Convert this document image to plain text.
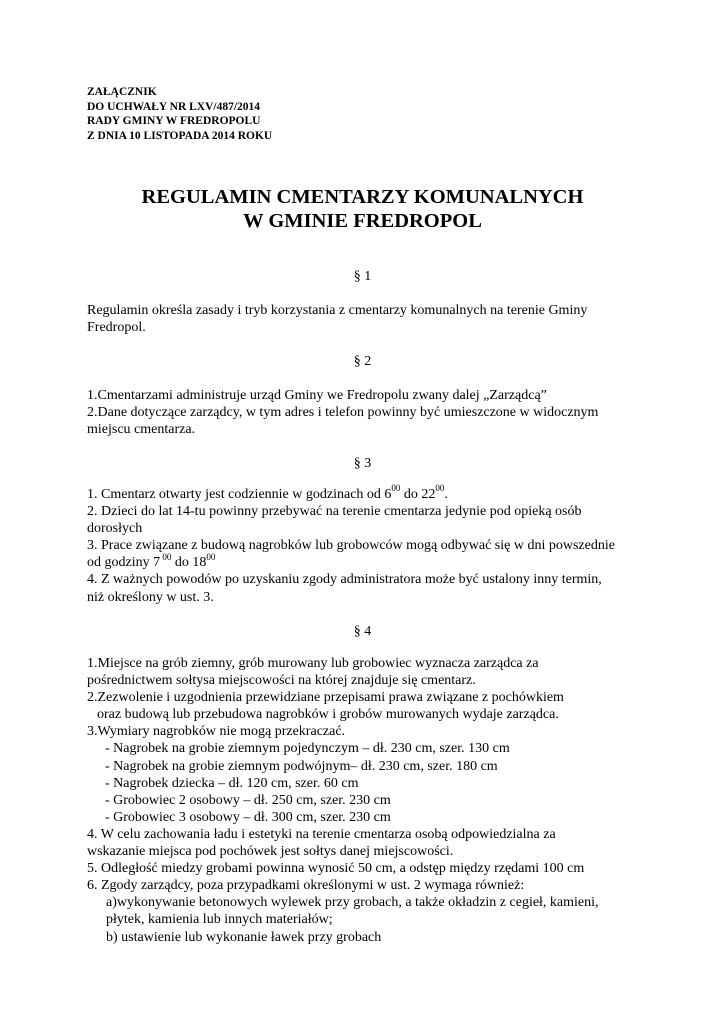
ZAŁĄCZNIK
DO UCHWAŁY NR LXV/487/2014
RADY GMINY W FREDROPOLU
Z DNIA 10 LISTOPADA 2014 ROKU
REGULAMIN CMENTARZY KOMUNALNYCH
W GMINIE FREDROPOL
§ 1
Regulamin określa zasady i tryb korzystania z cmentarzy komunalnych na terenie Gminy
Fredropol.
§ 2
1.Cmentarzami administruje urząd Gminy we Fredropolu zwany dalej „Zarządcą”
2.Dane dotyczące zarządcy, w tym adres i telefon powinny być umieszczone w widocznym
miejscu cmentarza.
§ 3
1. Cmentarz otwarty jest codziennie w godzinach od $6^{00}$ do $22^{00}$.
2. Dzieci do lat 14-tu powinny przebywać na terenie cmentarza jedynie pod opieką osób
dorosłych
3. Prace związane z budową nagrobków lub grobowców mogą odbywać się w dni powszednie
od godziny 7 $^{00}$ do $18^{00}$
4. Z ważnych powodów po uzyskaniu zgody administratora może być ustalony inny termin,
niż określony w ust. 3.
§ 4
1.Miejsce na grób ziemny, grób murowany lub grobowiec wyznacza zarządca za
pośrednictwem sołtysa miejscowości na której znajduje się cmentarz.
2.Zezwolenie i uzgodnienia przewidziane przepisami prawa związane z pochówkiem
oraz budową lub przebudowa nagrobków i grobów murowanych wydaje zarządca.
3.Wymiary nagrobków nie mogą przekraczać.
- Nagrobek na grobie ziemnym pojedynczym – dł. 230 cm, szer. 130 cm
- Nagrobek na grobie ziemnym podwójnym– dł. 230 cm, szer. 180 cm
- Nagrobek dziecka – dł. 120 cm, szer. 60 cm
- Grobowiec 2 osobowy – dł. 250 cm, szer. 230 cm
- Grobowiec 3 osobowy – dł. 300 cm, szer. 230 cm
4. W celu zachowania ładu i estetyki na terenie cmentarza osobą odpowiedzialna za
wskazanie miejsca pod pochówek jest sołtys danej miejscowości.
5. Odległość miedzy grobami powinna wynosić 50 cm, a odstęp między rzędami 100 cm
6. Zgody zarządcy, poza przypadkami określonymi w ust. 2 wymaga również:
a)wykonywanie betonowych wylewek przy grobach, a także okładzin z cegieł, kamieni,
płytek, kamienia lub innych materiałów;
b) ustawienie lub wykonanie ławek przy grobach
